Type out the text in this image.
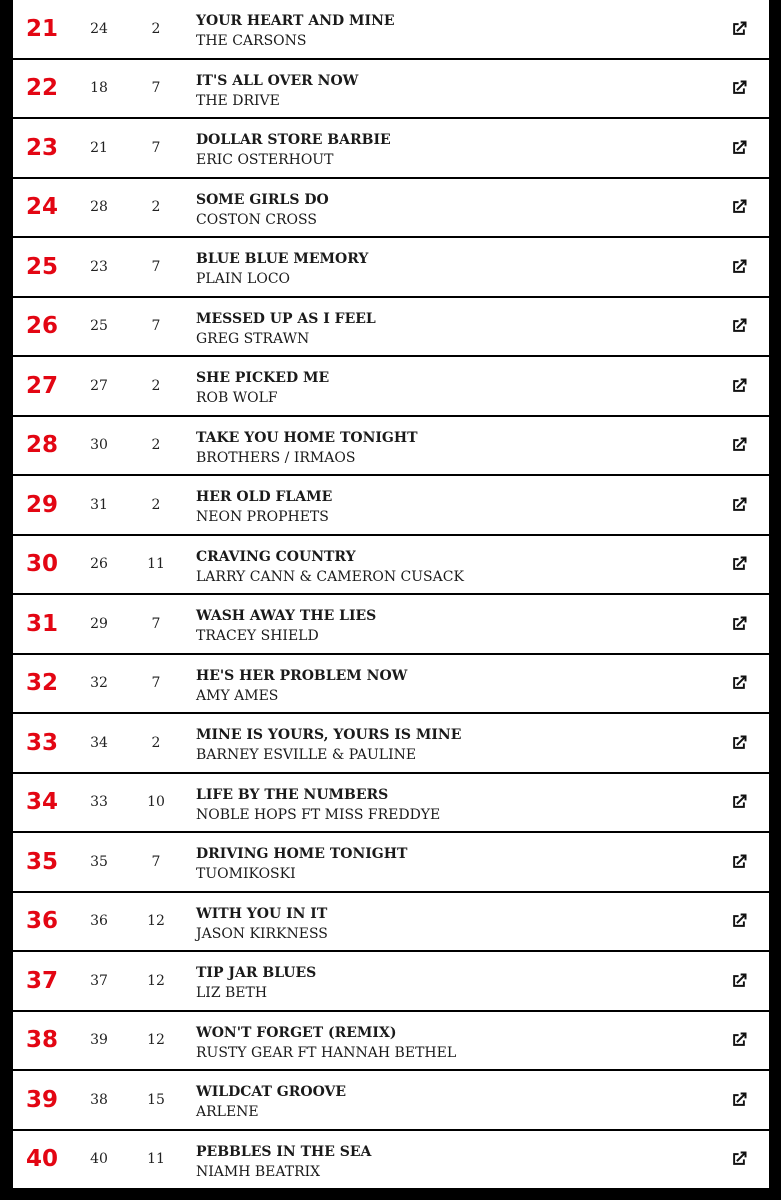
21	24	2	YOUR HEART AND MINE
THE CARSONS
22	18	7	IT'S ALL OVER NOW
THE DRIVE
23	21	7	DOLLAR STORE BARBIE
ERIC OSTERHOUT
24	28	2	SOME GIRLS DO
COSTON CROSS
25	23	7	BLUE BLUE MEMORY
PLAIN LOCO
26	25	7	MESSED UP AS I FEEL
GREG STRAWN
27	27	2	SHE PICKED ME
ROB WOLF
28	30	2	TAKE YOU HOME TONIGHT
BROTHERS / IRMAOS
29	31	2	HER OLD FLAME
NEON PROPHETS
30	26	11	CRAVING COUNTRY
LARRY CANN & CAMERON CUSACK
31	29	7	WASH AWAY THE LIES
TRACEY SHIELD
32	32	7	HE'S HER PROBLEM NOW
AMY AMES
33	34	2	MINE IS YOURS, YOURS IS MINE
BARNEY ESVILLE & PAULINE
34	33	10	LIFE BY THE NUMBERS
NOBLE HOPS FT MISS FREDDYE
35	35	7	DRIVING HOME TONIGHT
TUOMIKOSKI
36	36	12	WITH YOU IN IT
JASON KIRKNESS
37	37	12	TIP JAR BLUES
LIZ BETH
38	39	12	WON'T FORGET (REMIX)
RUSTY GEAR FT HANNAH BETHEL
39	38	15	WILDCAT GROOVE
ARLENE
40	40	11	PEBBLES IN THE SEA
NIAMH BEATRIX
